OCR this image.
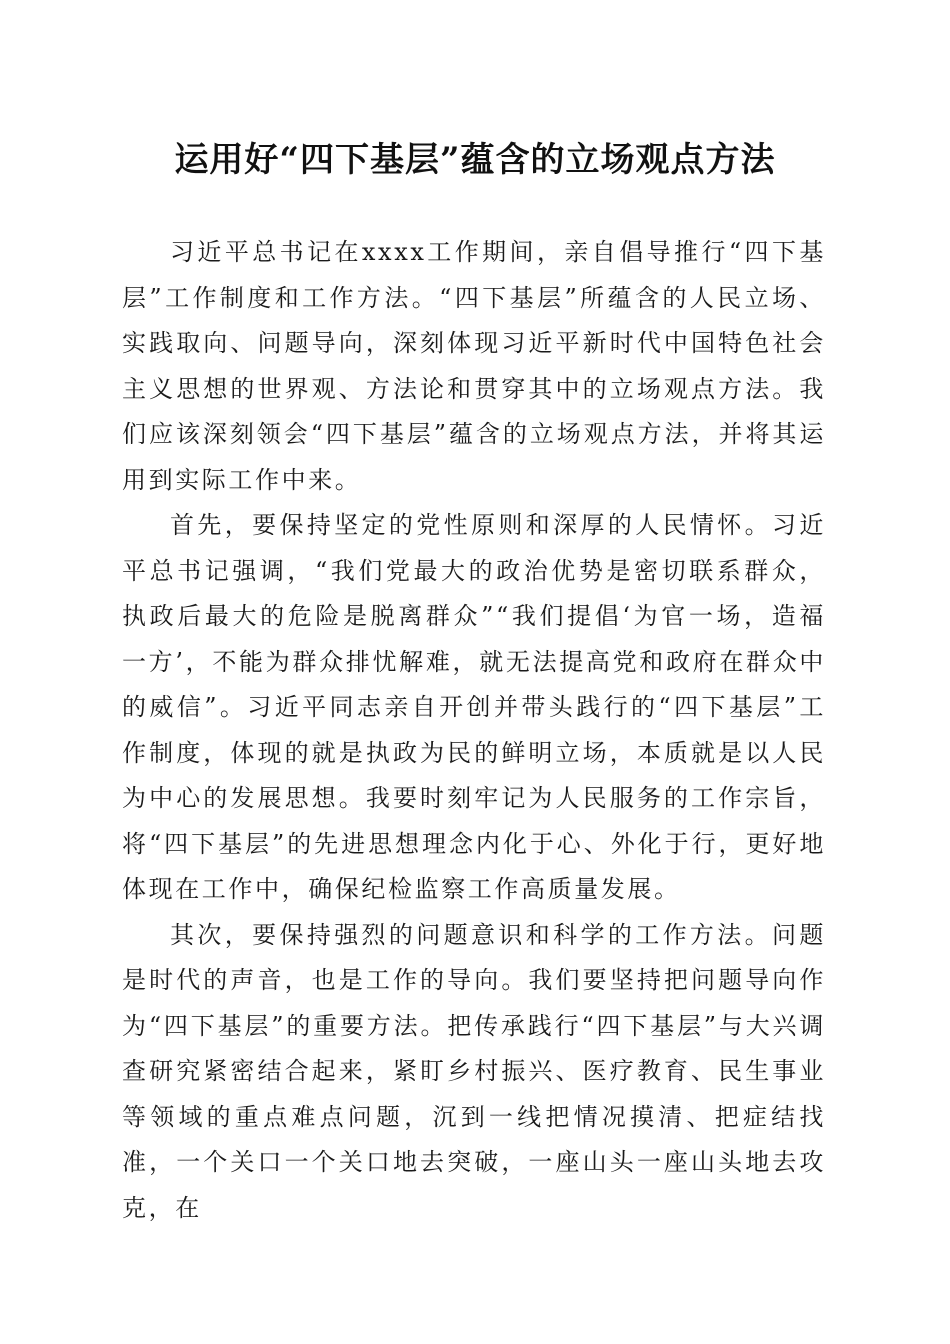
运用好“四下基层”蕴含的立场观点方法

习近平总书记在xxxx工作期间，亲自倡导推行“四下基层”工作制度和工作方法。“四下基层”所蕴含的人民立场、实践取向、问题导向，深刻体现习近平新时代中国特色社会主义思想的世界观、方法论和贯穿其中的立场观点方法。我们应该深刻领会“四下基层”蕴含的立场观点方法，并将其运用到实际工作中来。

首先，要保持坚定的党性原则和深厚的人民情怀。习近平总书记强调，“我们党最大的政治优势是密切联系群众，执政后最大的危险是脱离群众”“我们提倡‘为官一场，造福一方’，不能为群众排忧解难，就无法提高党和政府在群众中的威信”。习近平同志亲自开创并带头践行的“四下基层”工作制度，体现的就是执政为民的鲜明立场，本质就是以人民为中心的发展思想。我要时刻牢记为人民服务的工作宗旨，将“四下基层”的先进思想理念内化于心、外化于行，更好地体现在工作中，确保纪检监察工作高质量发展。

其次，要保持强烈的问题意识和科学的工作方法。问题是时代的声音，也是工作的导向。我们要坚持把问题导向作为“四下基层”的重要方法。把传承践行“四下基层”与大兴调查研究紧密结合起来，紧盯乡村振兴、医疗教育、民生事业等领域的重点难点问题，沉到一线把情况摸清、把症结找准，一个关口一个关口地去突破，一座山头一座山头地去攻克，在
